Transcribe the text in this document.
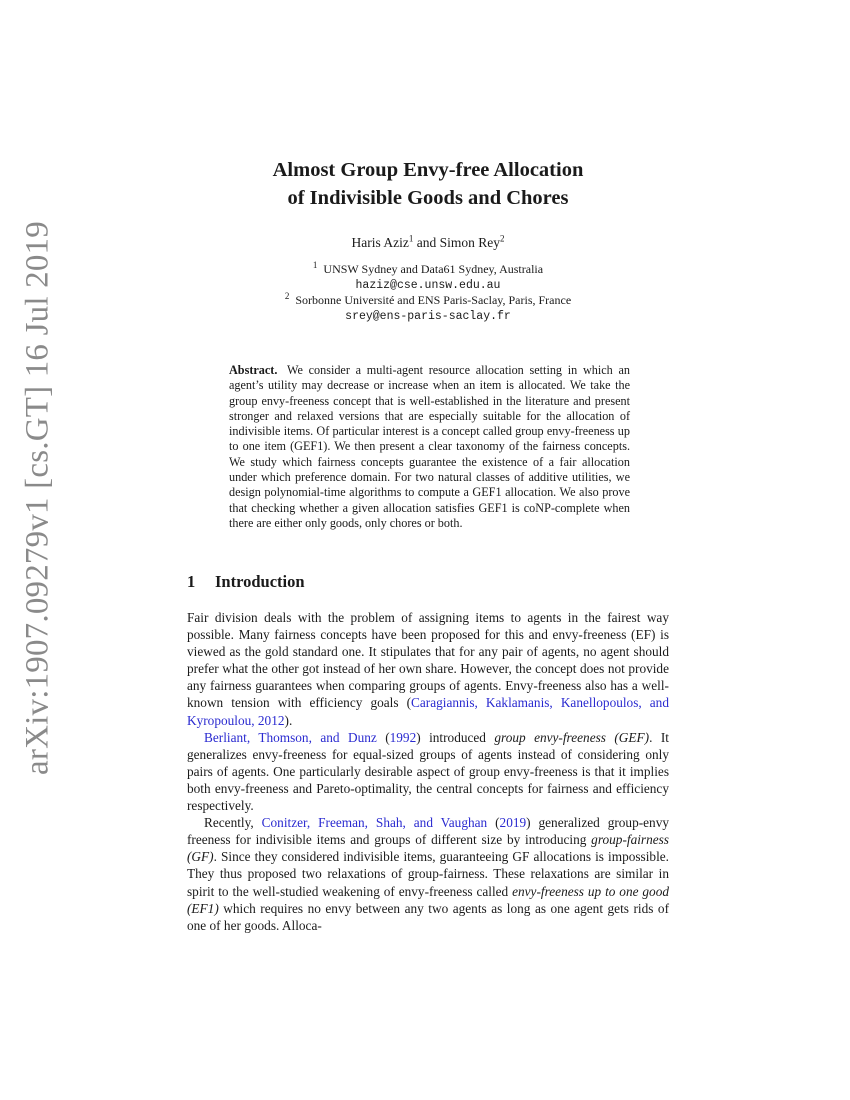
arXiv:1907.09279v1 [cs.GT] 16 Jul 2019
Almost Group Envy-free Allocation
of Indivisible Goods and Chores
Haris Aziz$^1$ and Simon Rey$^2$
$^1$ UNSW Sydney and Data61 Sydney, Australia
haziz@cse.unsw.edu.au
$^2$ Sorbonne Université and ENS Paris-Saclay, Paris, France
srey@ens-paris-saclay.fr
Abstract. We consider a multi-agent resource allocation setting in which an agent’s utility may decrease or increase when an item is allocated. We take the group envy-freeness concept that is well-established in the literature and present stronger and relaxed versions that are especially suitable for the allocation of indivisible items. Of particular interest is a concept called group envy-freeness up to one item (GEF1). We then present a clear taxonomy of the fairness concepts. We study which fairness concepts guarantee the existence of a fair allocation under which preference domain. For two natural classes of additive utilities, we design polynomial-time algorithms to compute a GEF1 allocation. We also prove that checking whether a given allocation satisfies GEF1 is coNP-complete when there are either only goods, only chores or both.
1 Introduction

Fair division deals with the problem of assigning items to agents in the fairest way possible. Many fairness concepts have been proposed for this and envy-freeness (EF) is viewed as the gold standard one. It stipulates that for any pair of agents, no agent should prefer what the other got instead of her own share. However, the concept does not provide any fairness guarantees when comparing groups of agents. Envy-freeness also has a well-known tension with efficiency goals (Caragiannis, Kaklamanis, Kanellopoulos, and Kyropoulou, 2012).

Berliant, Thomson, and Dunz (1992) introduced group envy-freeness (GEF). It generalizes envy-freeness for equal-sized groups of agents instead of considering only pairs of agents. One particularly desirable aspect of group envy-freeness is that it implies both envy-freeness and Pareto-optimality, the central concepts for fairness and efficiency respectively.

Recently, Conitzer, Freeman, Shah, and Vaughan (2019) generalized group-envy freeness for indivisible items and groups of different size by introducing group-fairness (GF). Since they considered indivisible items, guaranteeing GF allocations is impossible. They thus proposed two relaxations of group-fairness. These relaxations are similar in spirit to the well-studied weakening of envy-freeness called envy-freeness up to one good (EF1) which requires no envy between any two agents as long as one agent gets rids of one of her goods. Alloca-
